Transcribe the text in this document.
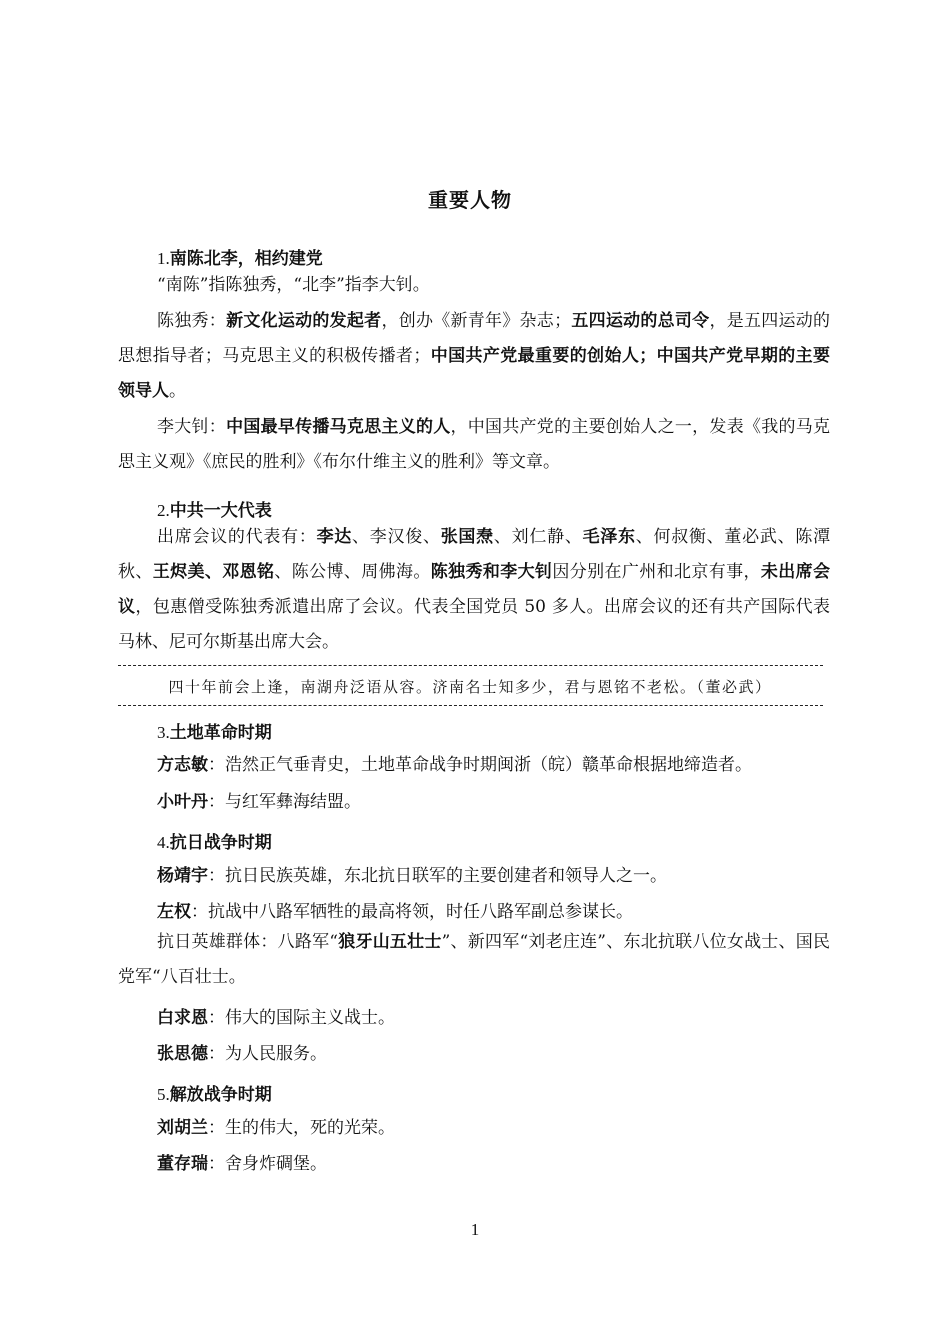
重要人物
1.南陈北李，相约建党
“南陈”指陈独秀，“北李”指李大钊。
陈独秀：新文化运动的发起者，创办《新青年》杂志；五四运动的总司令，是五四运动的思想指导者；马克思主义的积极传播者；中国共产党最重要的创始人；中国共产党早期的主要领导人。
李大钊：中国最早传播马克思主义的人，中国共产党的主要创始人之一，发表《我的马克思主义观》《庶民的胜利》《布尔什维主义的胜利》等文章。
2.中共一大代表
出席会议的代表有：李达、李汉俊、张国焘、刘仁静、毛泽东、何叔衡、董必武、陈潭秋、王烬美、邓恩铭、陈公博、周佛海。陈独秀和李大钊因分别在广州和北京有事，未出席会议，包惠僧受陈独秀派遣出席了会议。代表全国党员 50 多人。出席会议的还有共产国际代表马林、尼可尔斯基出席大会。
四十年前会上逢，南湖舟泛语从容。济南名士知多少，君与恩铭不老松。（董必武）
3.土地革命时期
方志敏：浩然正气垂青史，土地革命战争时期闽浙（皖）赣革命根据地缔造者。
小叶丹：与红军彝海结盟。
4.抗日战争时期
杨靖宇：抗日民族英雄，东北抗日联军的主要创建者和领导人之一。
左权：抗战中八路军牺牲的最高将领，时任八路军副总参谋长。
抗日英雄群体：八路军“狼牙山五壮士”、新四军“刘老庄连”、东北抗联八位女战士、国民党军“八百壮士。
白求恩：伟大的国际主义战士。
张思德：为人民服务。
5.解放战争时期
刘胡兰：生的伟大，死的光荣。
董存瑞：舍身炸碉堡。
1
